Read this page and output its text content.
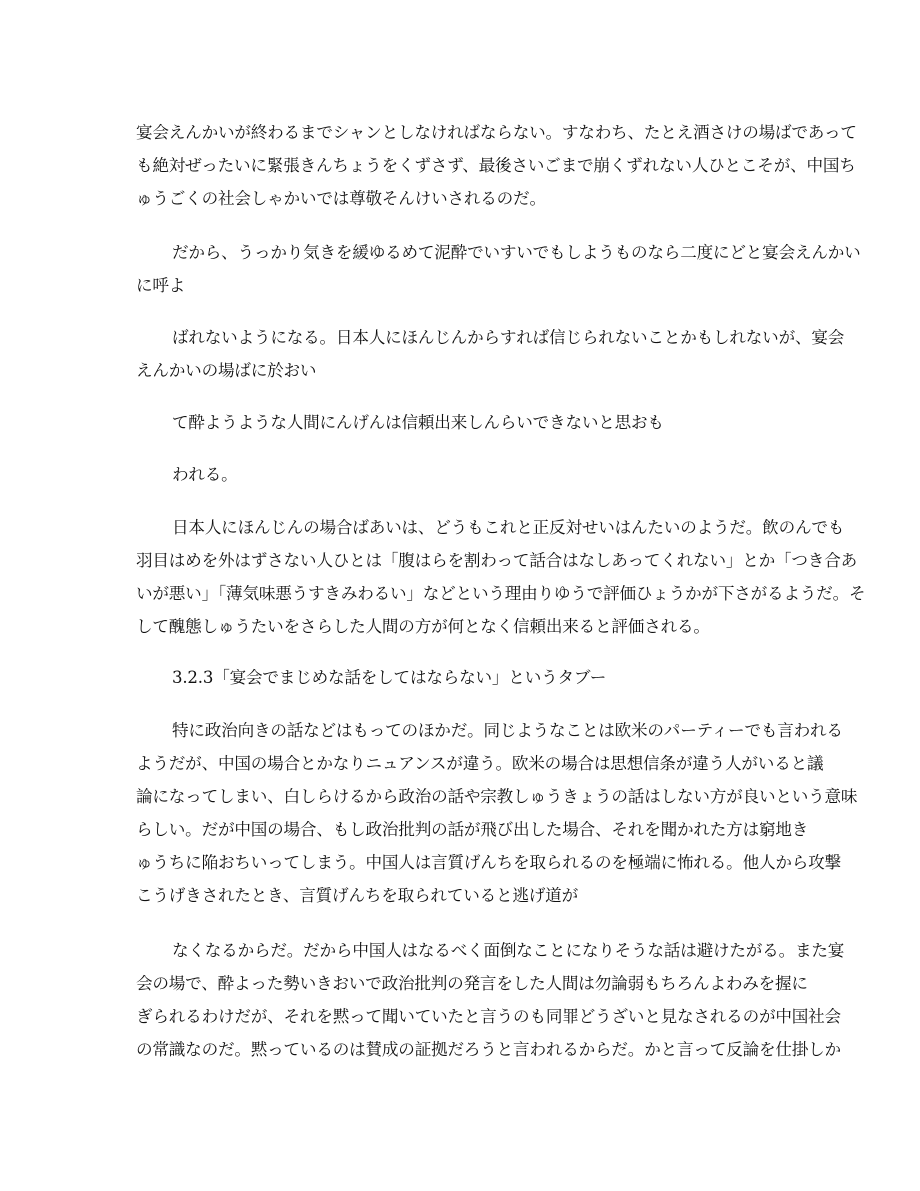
宴会えんかいが終わるまでシャンとしなければならない。すなわち、たとえ酒さけの場ばであって
も絶対ぜったいに緊張きんちょうをくずさず、最後さいごまで崩くずれない人ひとこそが、中国ち
ゅうごくの社会しゃかいでは尊敬そんけいされるのだ。

だから、うっかり気きを緩ゆるめて泥酔でいすいでもしようものなら二度にどと宴会えんかい
に呼よ

ばれないようになる。日本人にほんじんからすれば信じられないことかもしれないが、宴会
えんかいの場ばに於おい

て酔ようような人間にんげんは信頼出来しんらいできないと思おも

われる。

日本人にほんじんの場合ばあいは、どうもこれと正反対せいはんたいのようだ。飲のんでも
羽目はめを外はずさない人ひとは「腹はらを割わって話合はなしあってくれない」とか「つき合あ
いが悪い」「薄気味悪うすきみわるい」などという理由りゆうで評価ひょうかが下さがるようだ。そ
して醜態しゅうたいをさらした人間の方が何となく信頼出来ると評価される。

3.2.3「宴会でまじめな話をしてはならない」というタブー

特に政治向きの話などはもってのほかだ。同じようなことは欧米のパーティーでも言われる
ようだが、中国の場合とかなりニュアンスが違う。欧米の場合は思想信条が違う人がいると議
論になってしまい、白しらけるから政治の話や宗教しゅうきょうの話はしない方が良いという意味
らしい。だが中国の場合、もし政治批判の話が飛び出した場合、それを聞かれた方は窮地き
ゅうちに陥おちいってしまう。中国人は言質げんちを取られるのを極端に怖れる。他人から攻撃
こうげきされたとき、言質げんちを取られていると逃げ道が

なくなるからだ。だから中国人はなるべく面倒なことになりそうな話は避けたがる。また宴
会の場で、酔よった勢いきおいで政治批判の発言をした人間は勿論弱もちろんよわみを握に
ぎられるわけだが、それを黙って聞いていたと言うのも同罪どうざいと見なされるのが中国社会
の常識なのだ。黙っているのは賛成の証拠だろうと言われるからだ。かと言って反論を仕掛しか
